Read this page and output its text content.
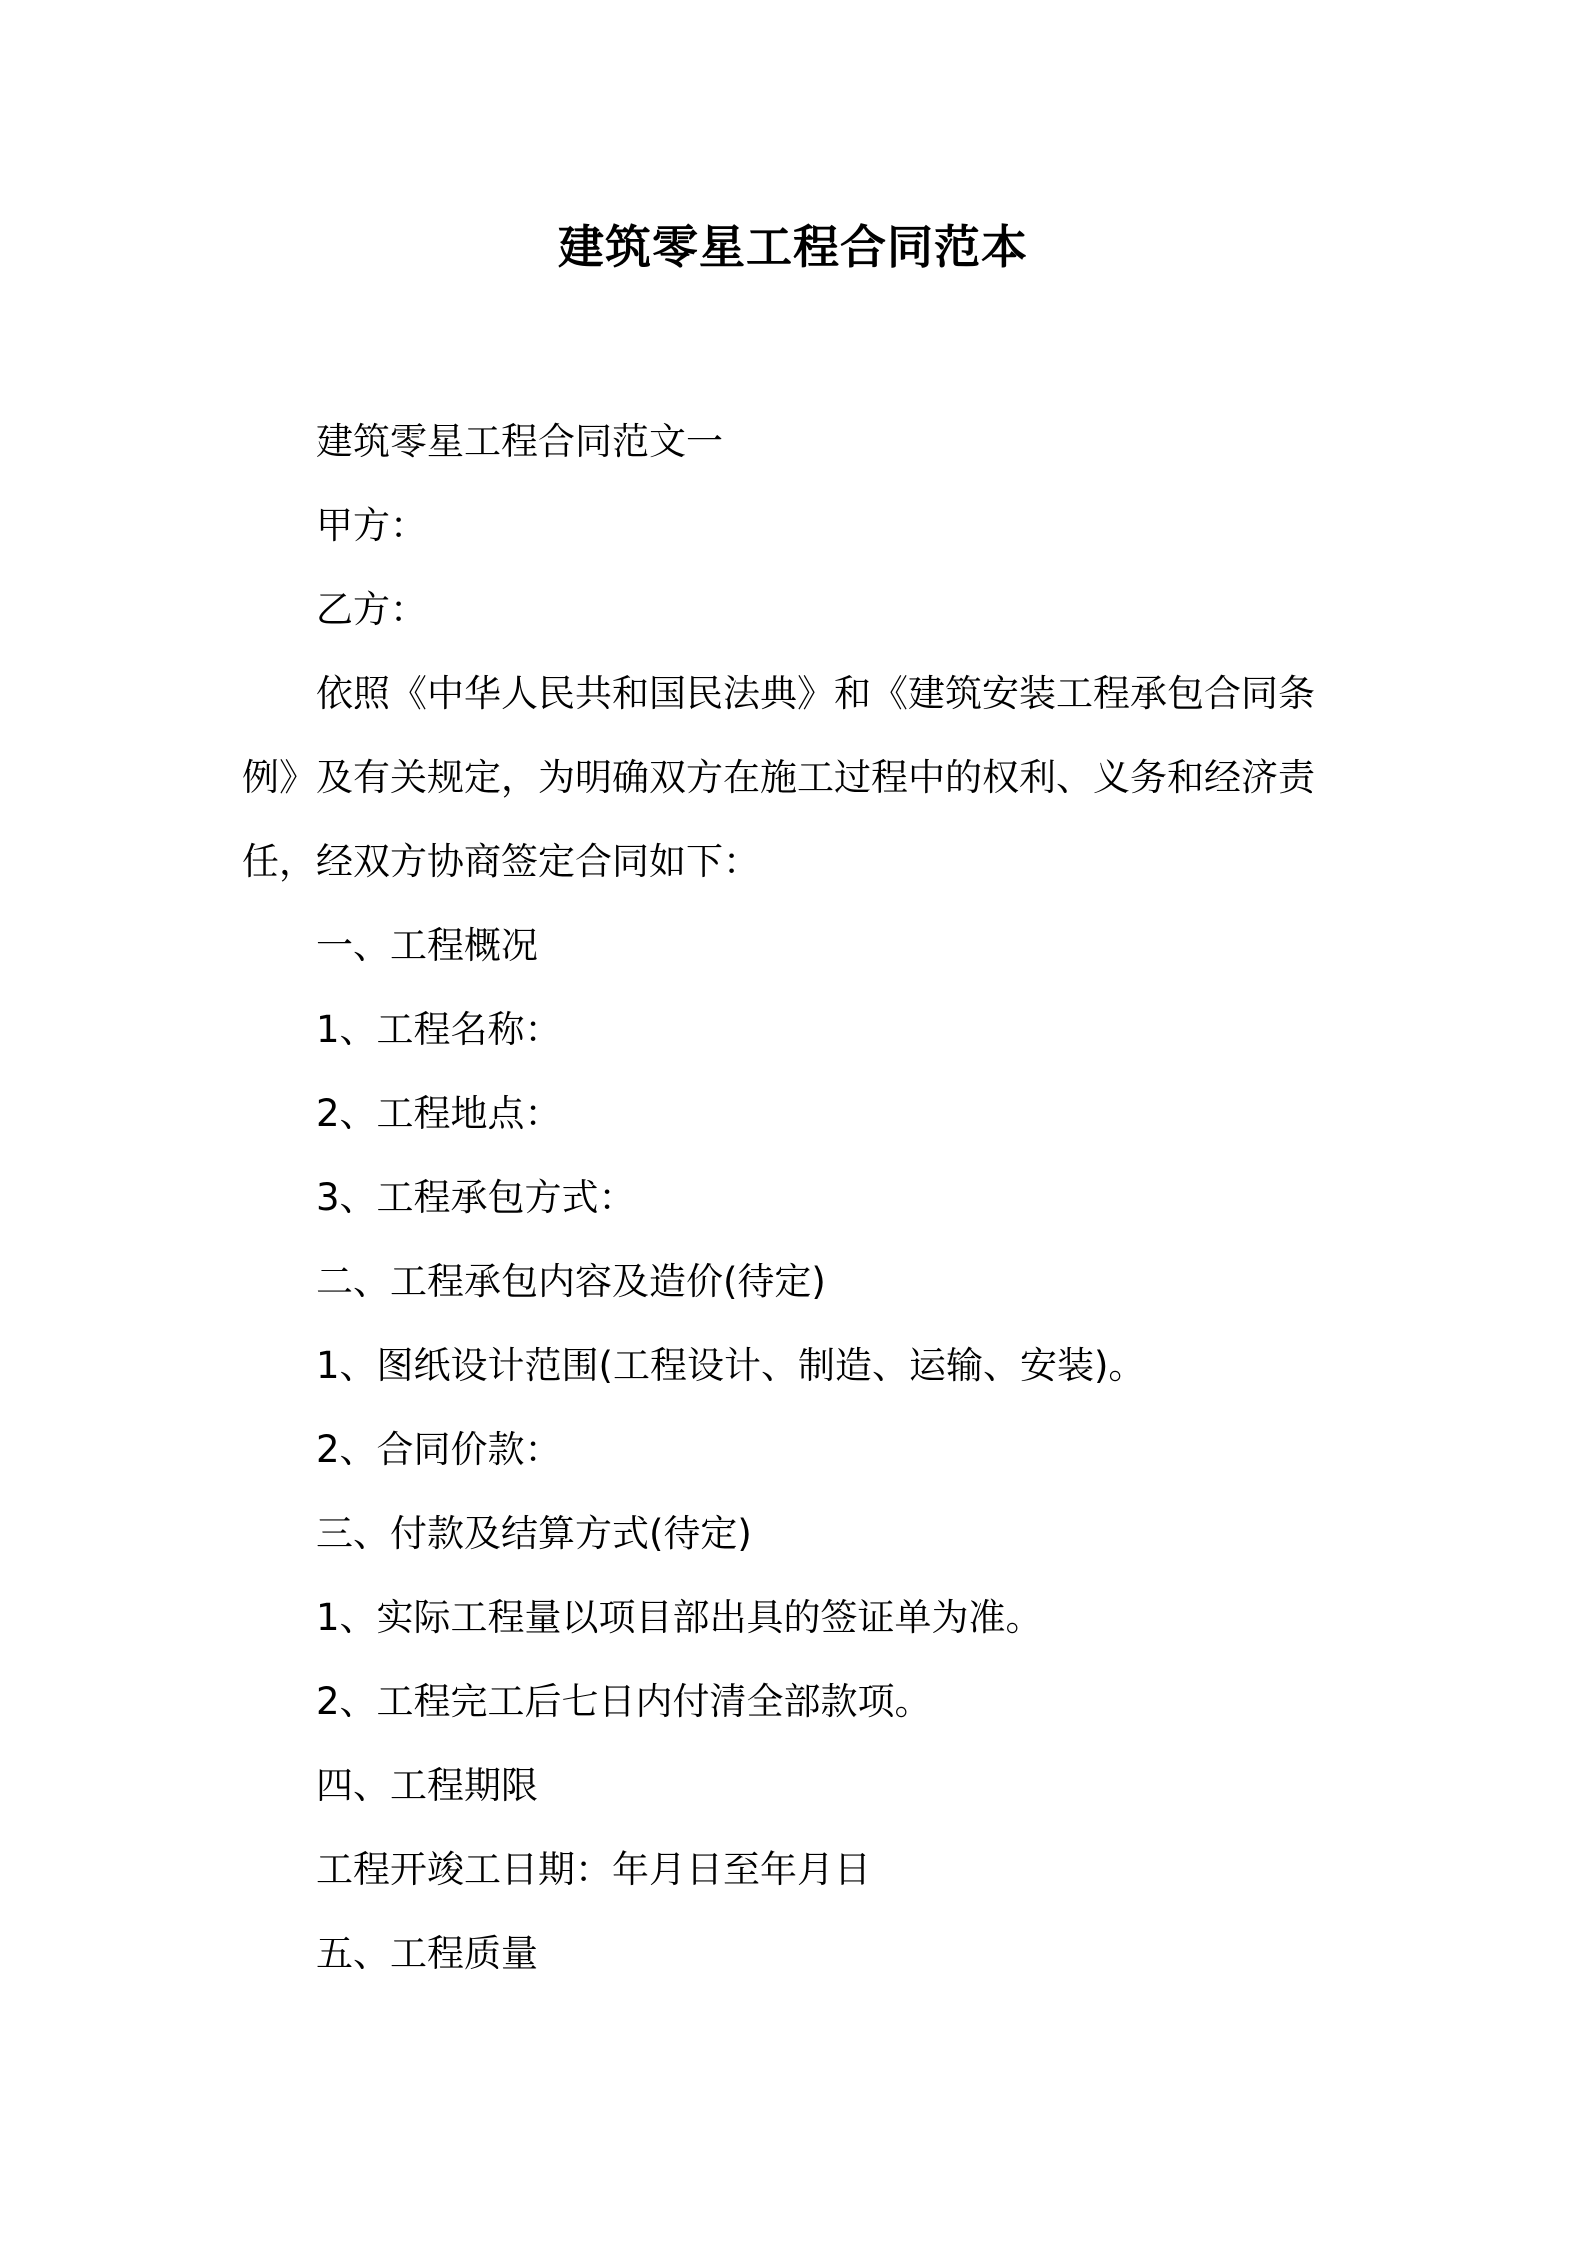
建筑零星工程合同范本

建筑零星工程合同范文一

甲方：

乙方：

依照《中华人民共和国民法典》和《建筑安装工程承包合同条例》及有关规定，为明确双方在施工过程中的权利、义务和经济责任，经双方协商签定合同如下：

一、工程概况

1、工程名称：

2、工程地点：

3、工程承包方式：

二、工程承包内容及造价(待定)

1、图纸设计范围(工程设计、制造、运输、安装)。

2、合同价款：

三、付款及结算方式(待定)

1、实际工程量以项目部出具的签证单为准。

2、工程完工后七日内付清全部款项。

四、工程期限

工程开竣工日期：年月日至年月日

五、工程质量
